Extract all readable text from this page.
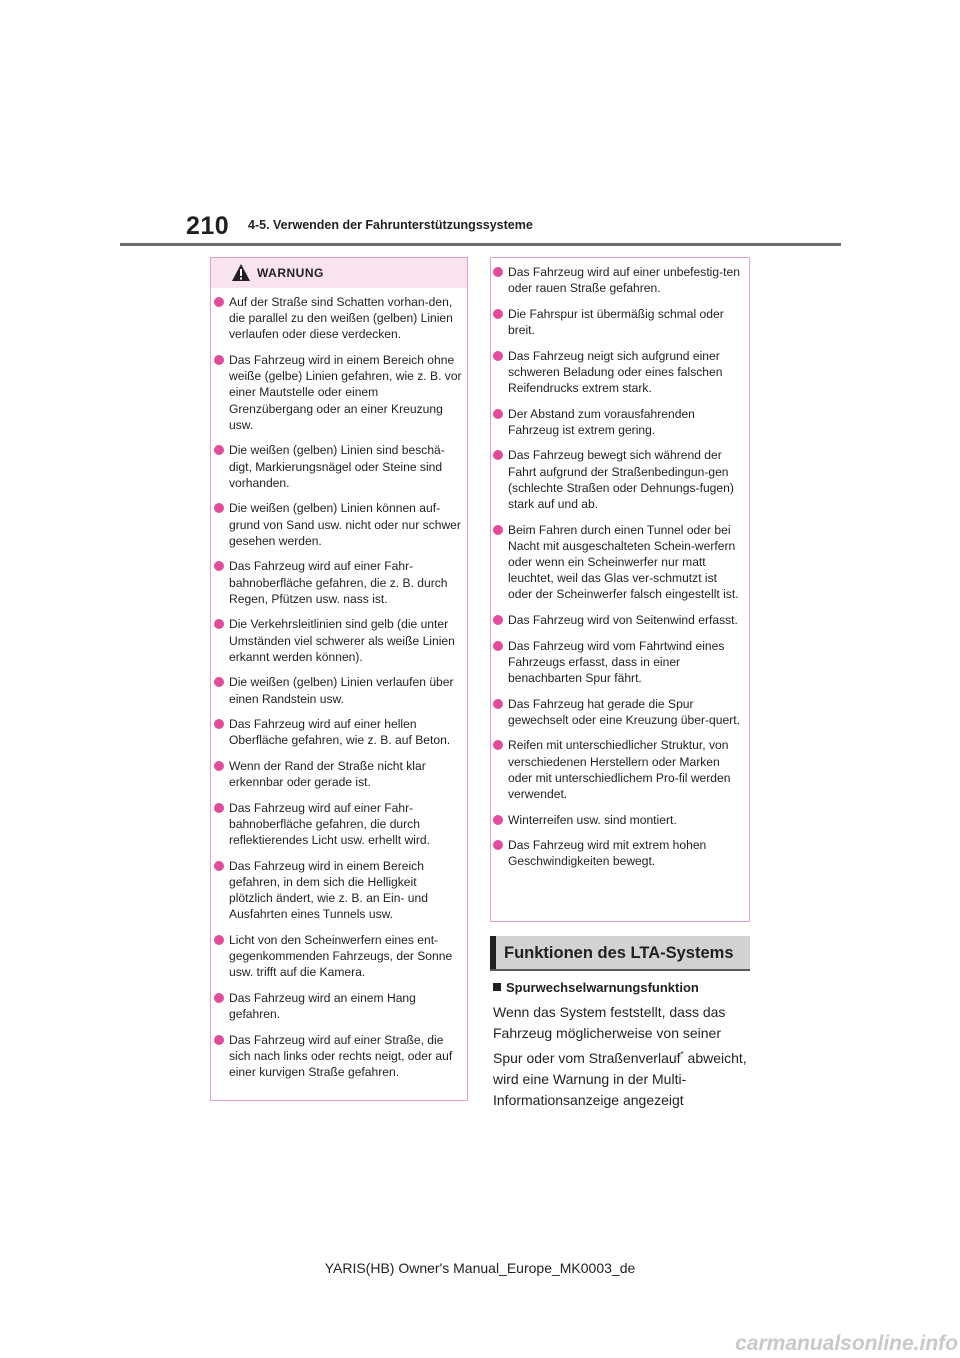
210 4-5. Verwenden der Fahrunterstützungssysteme
WARNUNG
Auf der Straße sind Schatten vorhan-den, die parallel zu den weißen (gelben) Linien verlaufen oder diese verdecken.
Das Fahrzeug wird in einem Bereich ohne weiße (gelbe) Linien gefahren, wie z. B. vor einer Mautstelle oder einem Grenzübergang oder an einer Kreuzung usw.
Die weißen (gelben) Linien sind beschä-digt, Markierungsnägel oder Steine sind vorhanden.
Die weißen (gelben) Linien können auf-grund von Sand usw. nicht oder nur schwer gesehen werden.
Das Fahrzeug wird auf einer Fahr-bahnoberfläche gefahren, die z. B. durch Regen, Pfützen usw. nass ist.
Die Verkehrsleitlinien sind gelb (die unter Umständen viel schwerer als weiße Linien erkannt werden können).
Die weißen (gelben) Linien verlaufen über einen Randstein usw.
Das Fahrzeug wird auf einer hellen Oberfläche gefahren, wie z. B. auf Beton.
Wenn der Rand der Straße nicht klar erkennbar oder gerade ist.
Das Fahrzeug wird auf einer Fahr-bahnoberfläche gefahren, die durch reflektierendes Licht usw. erhellt wird.
Das Fahrzeug wird in einem Bereich gefahren, in dem sich die Helligkeit plötzlich ändert, wie z. B. an Ein- und Ausfahrten eines Tunnels usw.
Licht von den Scheinwerfern eines ent-gegenkommenden Fahrzeugs, der Sonne usw. trifft auf die Kamera.
Das Fahrzeug wird an einem Hang gefahren.
Das Fahrzeug wird auf einer Straße, die sich nach links oder rechts neigt, oder auf einer kurvigen Straße gefahren.
Das Fahrzeug wird auf einer unbefestig-ten oder rauen Straße gefahren.
Die Fahrspur ist übermäßig schmal oder breit.
Das Fahrzeug neigt sich aufgrund einer schweren Beladung oder eines falschen Reifendrucks extrem stark.
Der Abstand zum vorausfahrenden Fahrzeug ist extrem gering.
Das Fahrzeug bewegt sich während der Fahrt aufgrund der Straßenbedingun-gen (schlechte Straßen oder Dehnungs-fugen) stark auf und ab.
Beim Fahren durch einen Tunnel oder bei Nacht mit ausgeschalteten Schein-werfern oder wenn ein Scheinwerfer nur matt leuchtet, weil das Glas ver-schmutzt ist oder der Scheinwerfer falsch eingestellt ist.
Das Fahrzeug wird von Seitenwind erfasst.
Das Fahrzeug wird vom Fahrtwind eines Fahrzeugs erfasst, dass in einer benachbarten Spur fährt.
Das Fahrzeug hat gerade die Spur gewechselt oder eine Kreuzung über-quert.
Reifen mit unterschiedlicher Struktur, von verschiedenen Herstellern oder Marken oder mit unterschiedlichem Pro-fil werden verwendet.
Winterreifen usw. sind montiert.
Das Fahrzeug wird mit extrem hohen Geschwindigkeiten bewegt.
Funktionen des LTA-Systems
Spurwechselwarnungsfunktion
Wenn das System feststellt, dass das Fahrzeug möglicherweise von seiner Spur oder vom Straßenverlauf* abweicht, wird eine Warnung in der Multi-Informationsanzeige angezeigt
YARIS(HB) Owner's Manual_Europe_MK0003_de
carmanualsonline.info
